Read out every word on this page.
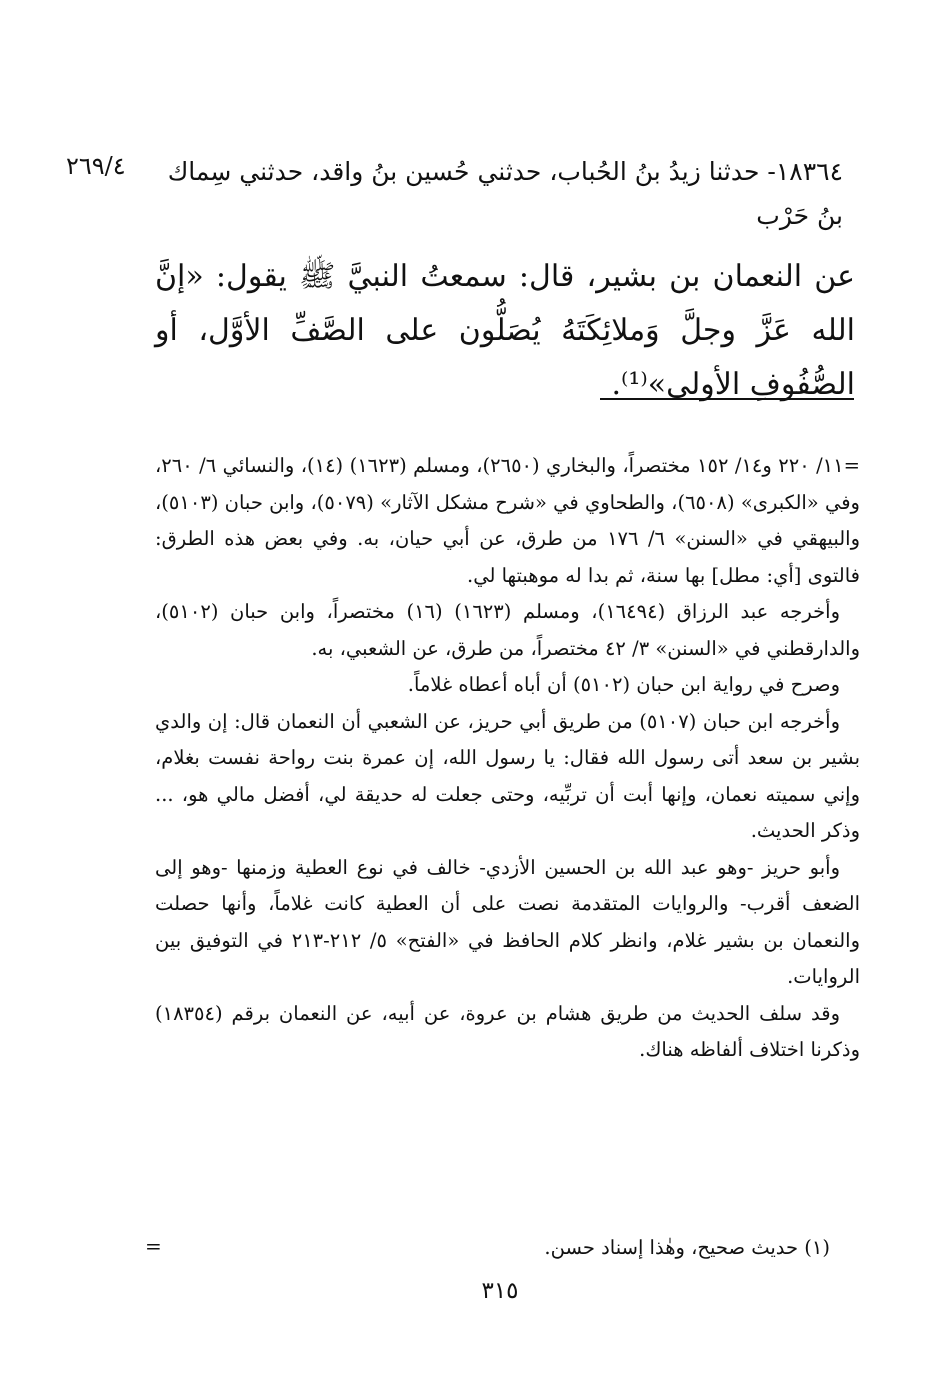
٢٦٩/٤	١٨٣٦٤- حدثنا زيدُ بنُ الحُباب، حدثني حُسين بنُ واقد، حدثني سِماك بنُ حَرْب
عن النعمان بن بشير، قال: سمعتُ النبيَّ ﷺ يقول: «إنَّ الله عَزَّ وجلَّ وَملائِكَتَهُ يُصَلُّون على الصَّفِّ الأوَّل، أو الصُّفُوفِ الأولى»⁽¹⁾.

=١١/ ٢٢٠ و١٤/ ١٥٢ مختصراً، والبخاري (٢٦٥٠)، ومسلم (١٦٢٣) (١٤)، والنسائي ٦/ ٢٦٠، وفي «الكبرى» (٦٥٠٨)، والطحاوي في «شرح مشكل الآثار» (٥٠٧٩)، وابن حبان (٥١٠٣)، والبيهقي في «السنن» ٦/ ١٧٦ من طرق، عن أبي حيان، به. وفي بعض هذه الطرق: فالتوى [أي: مطل] بها سنة، ثم بدا له موهبتها لي.

وأخرجه عبد الرزاق (١٦٤٩٤)، ومسلم (١٦٢٣) (١٦) مختصراً، وابن حبان (٥١٠٢)، والدارقطني في «السنن» ٣/ ٤٢ مختصراً، من طرق، عن الشعبي، به.

وصرح في رواية ابن حبان (٥١٠٢) أن أباه أعطاه غلاماً.

وأخرجه ابن حبان (٥١٠٧) من طريق أبي حريز، عن الشعبي أن النعمان قال: إن والدي بشير بن سعد أتى رسول الله فقال: يا رسول الله، إن عمرة بنت رواحة نفست بغلام، وإني سميته نعمان، وإنها أبت أن تربِّيه، وحتى جعلت له حديقة لي، أفضل مالي هو، ... وذكر الحديث.

وأبو حريز -وهو عبد الله بن الحسين الأزدي- خالف في نوع العطية وزمنها -وهو إلى الضعف أقرب- والروايات المتقدمة نصت على أن العطية كانت غلاماً، وأنها حصلت والنعمان بن بشير غلام، وانظر كلام الحافظ في «الفتح» ٥/ ٢١٢-٢١٣ في التوفيق بين الروايات.

وقد سلف الحديث من طريق هشام بن عروة، عن أبيه، عن النعمان برقم (١٨٣٥٤) وذكرنا اختلاف ألفاظه هناك.

(١) حديث صحيح، وهٰذا إسناد حسن.
=
٣١٥
